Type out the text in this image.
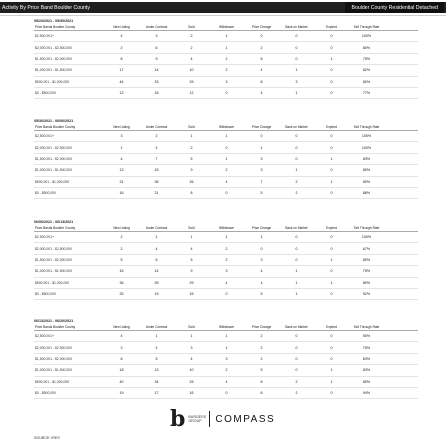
Activity By Price Band Boulder County	Boulder County Residential Detached
05/23/2021 - 05/30/2021
Price Bands Boulder County	New Listing	Under Contract	Sold	Withdrawn	Price Change	Back on Market	Expired	Sell Through Rate
$2,500,001+	4	3	2	1	0	0	0	100%
$2,000,001 - $2,500,000	2	6	2	1	2	0	0	80%
$1,500,001 - $2,000,000	8	9	4	2	6	0	1	75%
$1,000,001 - $1,500,000	17	14	10	2	4	1	0	82%
$500,001 - $1,000,000	44	33	29	3	8	3	0	80%
$0 - $500,000	13	18	12	0	4	1	0	77%
05/30/2021 - 06/06/2021
Price Bands Boulder County	New Listing	Under Contract	Sold	Withdrawn	Price Change	Back on Market	Expired	Sell Through Rate
$2,500,001+	3	2	1	1	0	0	0	100%
$2,000,001 - $2,500,000	1	4	2	0	1	0	0	100%
$1,500,001 - $2,000,000	4	7	5	1	3	0	1	83%
$1,000,001 - $1,500,000	13	15	9	2	3	1	0	85%
$500,001 - $1,000,000	31	36	26	4	7	2	1	89%
$0 - $500,000	16	21	8	0	5	2	0	88%
06/06/2021 - 06/13/2021
Price Bands Boulder County	New Listing	Under Contract	Sold	Withdrawn	Price Change	Back on Market	Expired	Sell Through Rate
$2,500,001+	2	1	1	1	1	0	0	100%
$2,000,001 - $2,500,000	2	4	4	2	0	0	0	67%
$1,500,001 - $2,000,000	5	6	5	2	3	0	1	80%
$1,000,001 - $1,500,000	16	14	9	3	4	1	0	75%
$500,001 - $1,000,000	36	39	29	4	4	1	1	89%
$0 - $500,000	25	19	15	0	5	1	0	92%
06/13/2021 - 06/20/2021
Price Bands Boulder County	New Listing	Under Contract	Sold	Withdrawn	Price Change	Back on Market	Expired	Sell Through Rate
$2,500,001+	4	1	1	1	2	0	0	50%
$2,000,001 - $2,500,000	3	4	3	1	2	0	0	75%
$1,500,001 - $2,000,000	6	5	4	3	2	0	0	63%
$1,000,001 - $1,500,000	18	13	10	2	5	0	1	83%
$500,001 - $1,000,000	40	34	25	4	8	2	1	85%
$0 - $500,000	19	17	16	0	6	2	0	94%
b BURGESS GROUP COMPASS
SOURCE: IRES
